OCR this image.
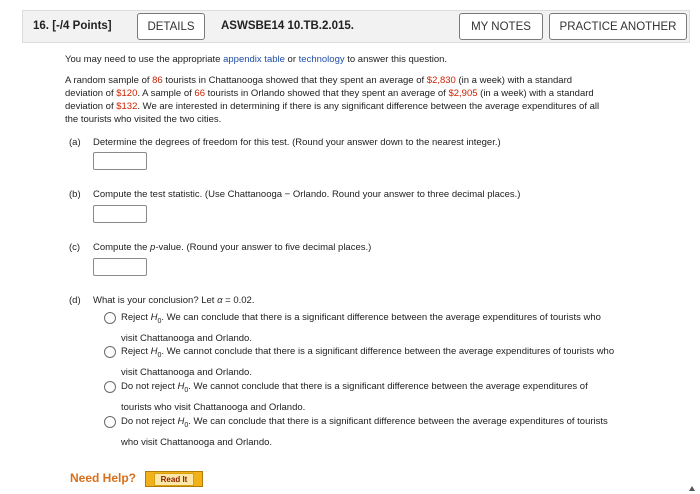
16. [-/4 Points]	DETAILS	ASWSBE14 10.TB.2.015.	MY NOTES	PRACTICE ANOTHER
You may need to use the appropriate appendix table or technology to answer this question.
A random sample of 86 tourists in Chattanooga showed that they spent an average of $2,830 (in a week) with a standard
deviation of $120. A sample of 66 tourists in Orlando showed that they spent an average of $2,905 (in a week) with a standard
deviation of $132. We are interested in determining if there is any significant difference between the average expenditures of all
the tourists who visited the two cities.
(a) Determine the degrees of freedom for this test. (Round your answer down to the nearest integer.)
(b) Compute the test statistic. (Use Chattanooga − Orlando. Round your answer to three decimal places.)
(c) Compute the p-value. (Round your answer to five decimal places.)
(d) What is your conclusion? Let α = 0.02.
Reject $H_0$. We can conclude that there is a significant difference between the average expenditures of tourists who
visit Chattanooga and Orlando.
Reject $H_0$. We cannot conclude that there is a significant difference between the average expenditures of tourists who
visit Chattanooga and Orlando.
Do not reject $H_0$. We cannot conclude that there is a significant difference between the average expenditures of
tourists who visit Chattanooga and Orlando.
Do not reject $H_0$. We can conclude that there is a significant difference between the average expenditures of tourists
who visit Chattanooga and Orlando.
Need Help?	Read It
